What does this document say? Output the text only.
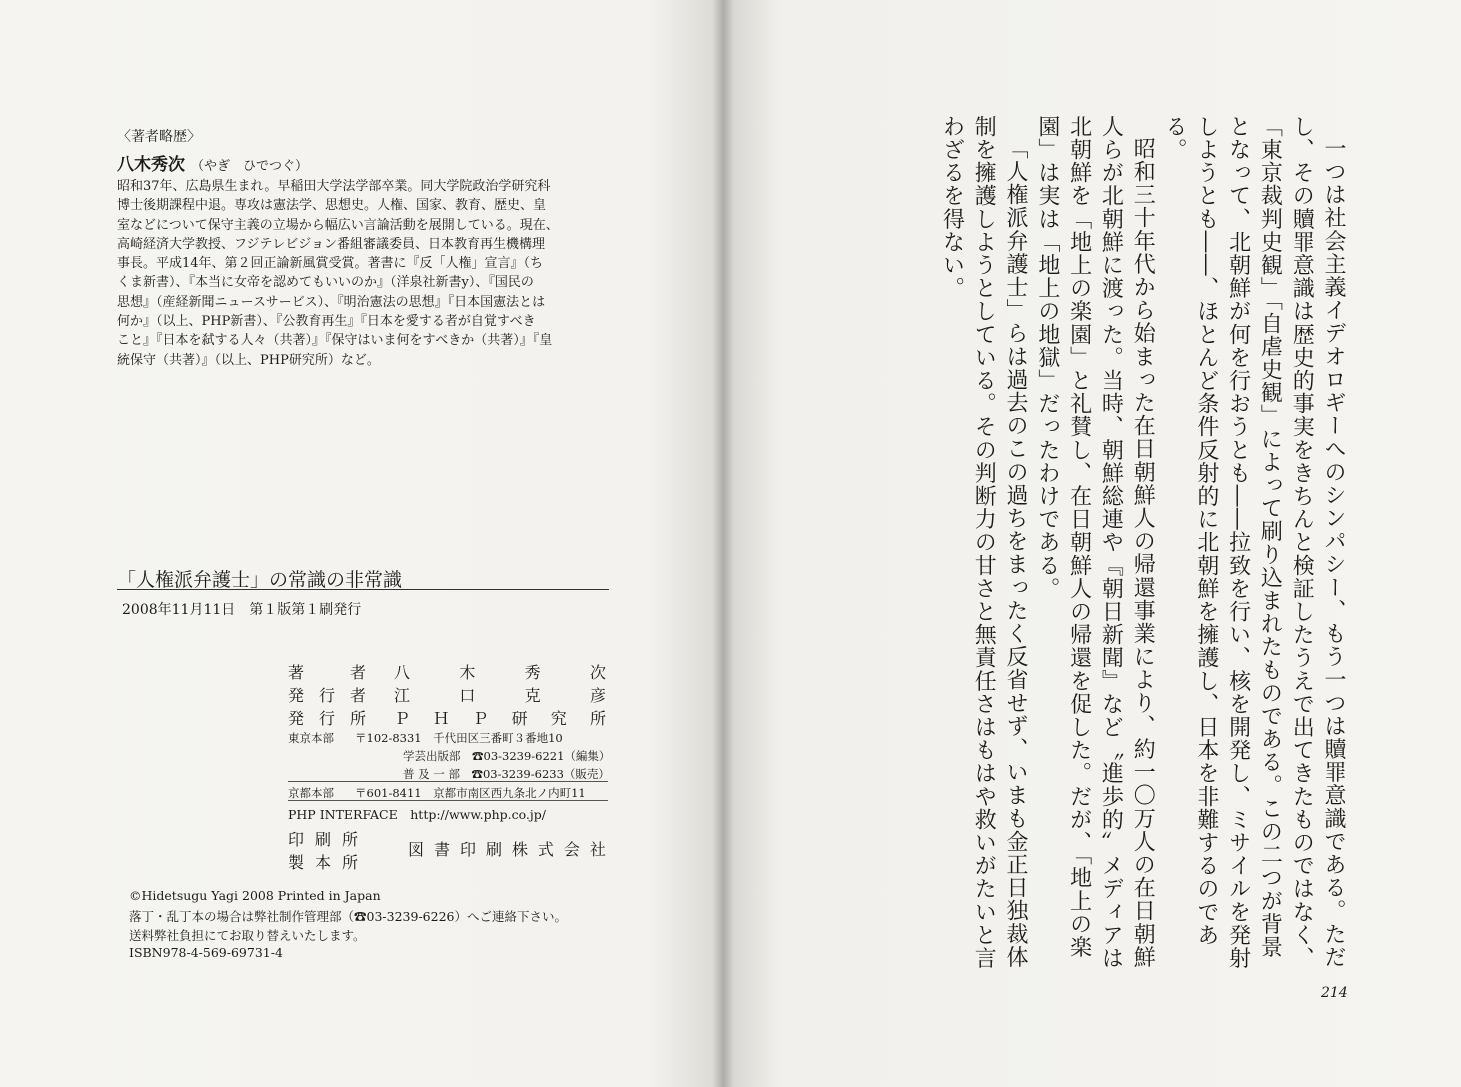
〈著者略歴〉
八木秀次 （やぎ　ひでつぐ）
昭和37年、広島県生まれ。早稲田大学法学部卒業。同大学院政治学研究科
博士後期課程中退。専攻は憲法学、思想史。人権、国家、教育、歴史、皇
室などについて保守主義の立場から幅広い言論活動を展開している。現在、
高崎経済大学教授、フジテレビジョン番組審議委員、日本教育再生機構理
事長。平成14年、第２回正論新風賞受賞。著書に『反「人権」宣言』（ち
くま新書）、『本当に女帝を認めてもいいのか』（洋泉社新書y）、『国民の
思想』（産経新聞ニュースサービス）、『明治憲法の思想』『日本国憲法とは
何か』（以上、PHP新書）、『公教育再生』『日本を愛する者が自覚すべき
こと』『日本を弑する人々（共著）』『保守はいま何をすべきか（共著）』『皇
統保守（共著）』（以上、PHP研究所）など。
「人権派弁護士」の常識の非常識
2008年11月11日　第１版第１刷発行
著	者 八	木	秀	次
発 行 者 江	口	克	彦
発 行 所 Ｐ Ｈ Ｐ 研 究 所
東京本部 〒102-8331　千代田区三番町３番地10
学芸出版部　☎03-3239-6221（編集）
普 及 一 部　☎03-3239-6233（販売）
京都本部 〒601-8411　京都市南区西九条北ノ内町11
PHP INTERFACE　http://www.php.co.jp/
印 刷 所
製 本 所
図 書 印 刷 株 式 会 社
©Hidetsugu Yagi 2008 Printed in Japan
落丁・乱丁本の場合は弊社制作管理部（☎03-3239-6226）へご連絡下さい。
送料弊社負担にてお取り替えいたします。
ISBN978-4-569-69731-4
　	一つは社会主義イデオロギーへのシンパシー、もう一つは贖罪意識である。ただし、その贖罪意識は歴史的事実をきちんと検証したうえで出てきたものではなく、「東京裁判史観」「自虐史観」によって刷り込まれたものである。この二つが背景となって、北朝鮮が何を行おうとも――拉致を行い、核を開発し、ミサイルを発射しようとも――、ほとんど条件反射的に北朝鮮を擁護し、日本を非難するのである。

昭和三十年代から始まった在日朝鮮人の帰還事業により、約一〇万人の在日朝鮮人らが北朝鮮に渡った。当時、朝鮮総連や『朝日新聞』など〝進歩的〟メディアは北朝鮮を「地上の楽園」と礼賛し、在日朝鮮人の帰還を促した。だが、「地上の楽園」は実は「地上の地獄」だったわけである。

「人権派弁護士」らは過去のこの過ちをまったく反省せず、いまも金正日独裁体制を擁護しようとしている。その判断力の甘さと無責任さはもはや救いがたいと言わざるを得ない。

214
